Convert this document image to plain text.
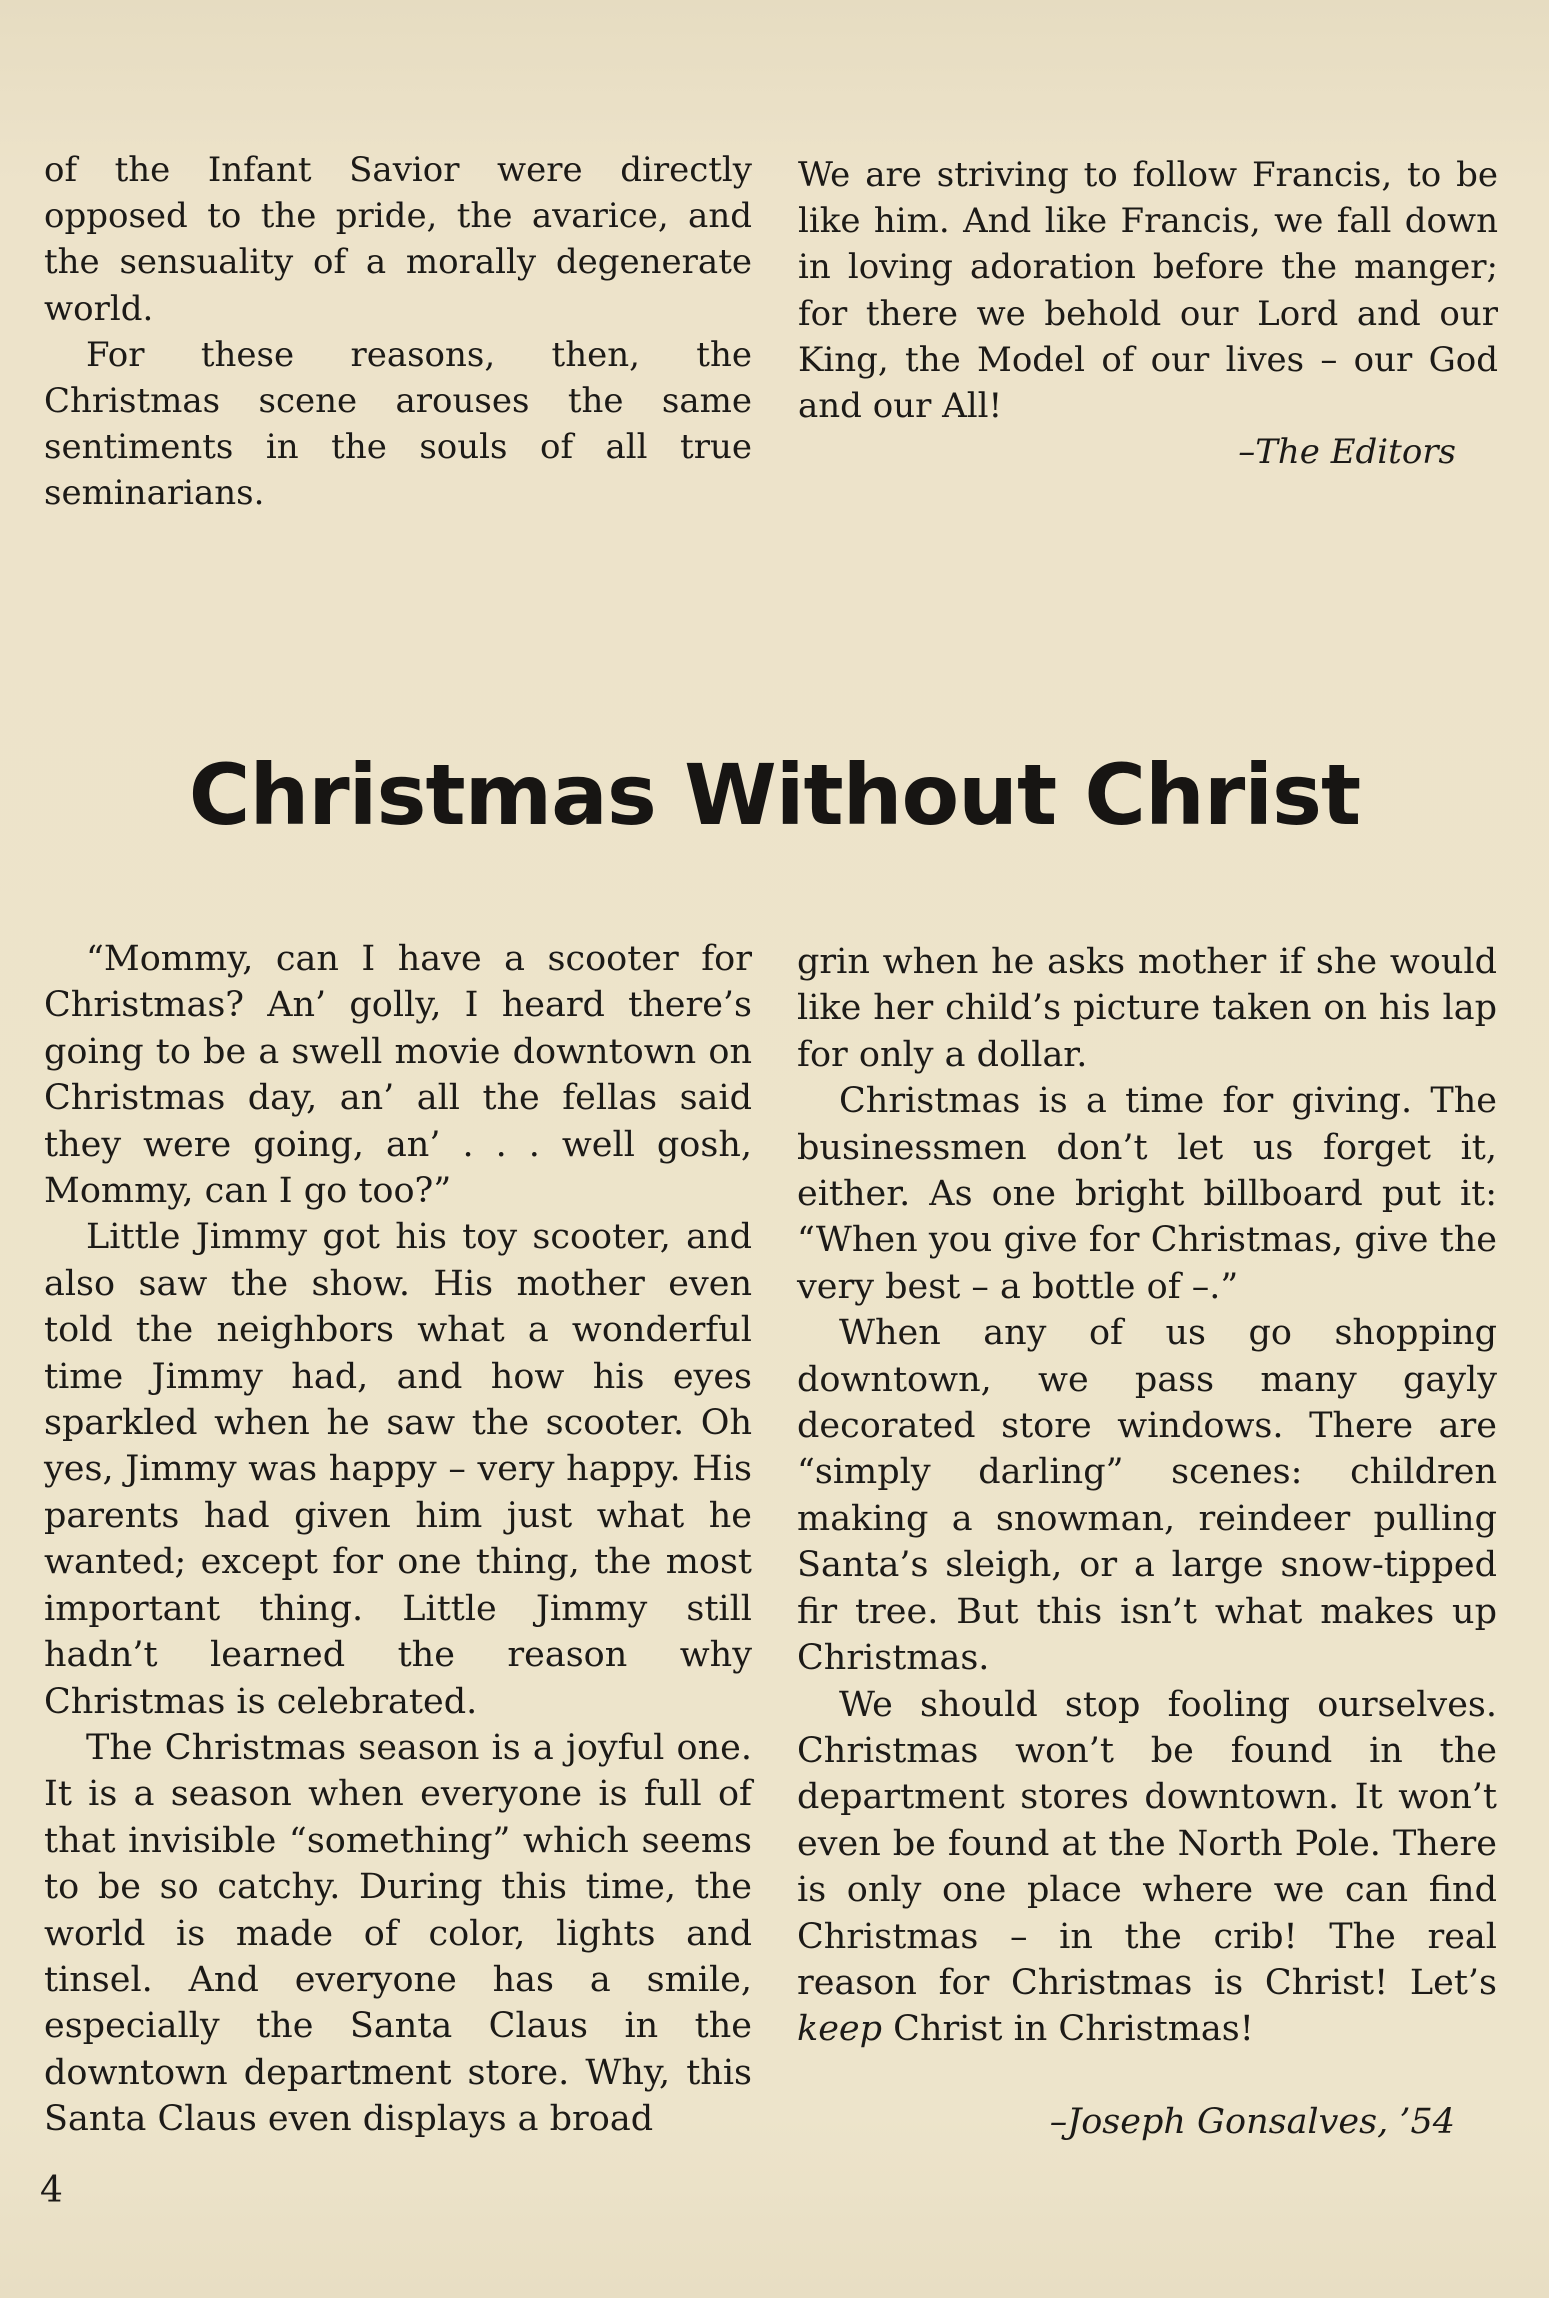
of the Infant Savior were directly opposed to the pride, the avarice, and the sensuality of a morally degenerate world.

For these reasons, then, the Christmas scene arouses the same sentiments in the souls of all true seminarians.

We are striving to follow Francis, to be like him. And like Francis, we fall down in loving adoration before the manger; for there we behold our Lord and our King, the Model of our lives – our God and our All!

–The Editors

Christmas Without Christ

“Mommy, can I have a scooter for Christmas? An’ golly, I heard there’s going to be a swell movie downtown on Christmas day, an’ all the fellas said they were going, an’ . . . well gosh, Mommy, can I go too?”

Little Jimmy got his toy scooter, and also saw the show. His mother even told the neighbors what a wonderful time Jimmy had, and how his eyes sparkled when he saw the scooter. Oh yes, Jimmy was happy – very happy. His parents had given him just what he wanted; except for one thing, the most important thing. Little Jimmy still hadn’t learned the reason why Christmas is celebrated.

The Christmas season is a joyful one. It is a season when everyone is full of that invisible “something” which seems to be so catchy. During this time, the world is made of color, lights and tinsel. And everyone has a smile, especially the Santa Claus in the downtown department store. Why, this Santa Claus even displays a broad

grin when he asks mother if she would like her child’s picture taken on his lap for only a dollar.

Christmas is a time for giving. The businessmen don’t let us forget it, either. As one bright billboard put it: “When you give for Christmas, give the very best – a bottle of –.”

When any of us go shopping downtown, we pass many gayly decorated store windows. There are “simply darling” scenes: children making a snowman, reindeer pulling Santa’s sleigh, or a large snow-tipped fir tree. But this isn’t what makes up Christmas.

We should stop fooling ourselves. Christmas won’t be found in the department stores downtown. It won’t even be found at the North Pole. There is only one place where we can find Christmas – in the crib! The real reason for Christmas is Christ! Let’s keep Christ in Christmas!

–Joseph Gonsalves, ’54

4
